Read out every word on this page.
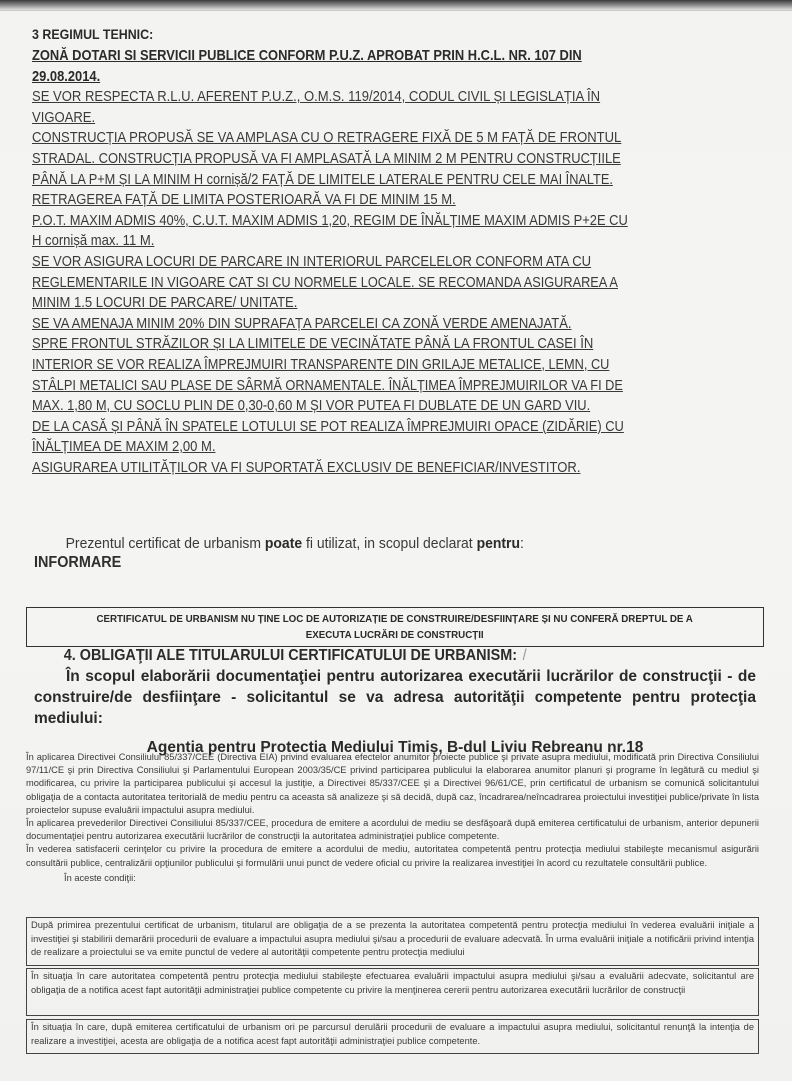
3 REGIMUL TEHNIC:
ZONĂ DOTARI SI SERVICII PUBLICE CONFORM P.U.Z. APROBAT PRIN H.C.L. NR. 107 DIN
29.08.2014.
SE VOR RESPECTA R.L.U. AFERENT P.U.Z., O.M.S. 119/2014, CODUL CIVIL ȘI LEGISLAȚIA ÎN
VIGOARE.
CONSTRUCȚIA PROPUSĂ SE VA AMPLASA CU O RETRAGERE FIXĂ DE 5 M FAȚĂ DE FRONTUL
STRADAL. CONSTRUCȚIA PROPUSĂ VA FI AMPLASATĂ LA MINIM 2 M PENTRU CONSTRUCȚIILE
PÂNĂ LA P+M ȘI LA MINIM H cornișă/2 FAȚĂ DE LIMITELE LATERALE PENTRU CELE MAI ÎNALTE.
RETRAGEREA FAȚĂ DE LIMITA POSTERIOARĂ VA FI DE MINIM 15 M.
P.O.T. MAXIM ADMIS 40%, C.U.T. MAXIM ADMIS 1,20, REGIM DE ÎNĂLȚIME MAXIM ADMIS P+2E CU
H cornișă max. 11 M.
SE VOR ASIGURA LOCURI DE PARCARE IN INTERIORUL PARCELELOR CONFORM ATA CU
REGLEMENTARILE IN VIGOARE CAT SI CU NORMELE LOCALE. SE RECOMANDA ASIGURAREA A
MINIM 1.5 LOCURI DE PARCARE/ UNITATE.
SE VA AMENAJA MINIM 20% DIN SUPRAFAȚA PARCELEI CA ZONĂ VERDE AMENAJATĂ.
SPRE FRONTUL STRĂZILOR ȘI LA LIMITELE DE VECINĂTATE PÂNĂ LA FRONTUL CASEI ÎN
INTERIOR SE VOR REALIZA ÎMPREJMUIRI TRANSPARENTE DIN GRILAJE METALICE, LEMN, CU
STÂLPI METALICI SAU PLASE DE SÂRMĂ ORNAMENTALE. ÎNĂLȚIMEA ÎMPREJMUIRILOR VA FI DE
MAX. 1,80 M, CU SOCLU PLIN DE 0,30-0,60 M ȘI VOR PUTEA FI DUBLATE DE UN GARD VIU.
DE LA CASĂ ȘI PÂNĂ ÎN SPATELE LOTULUI SE POT REALIZA ÎMPREJMUIRI OPACE (ZIDĂRIE) CU
ÎNĂLȚIMEA DE MAXIM 2,00 M.
ASIGURAREA UTILITĂȚILOR VA FI SUPORTATĂ EXCLUSIV DE BENEFICIAR/INVESTITOR.
Prezentul certificat de urbanism poate fi utilizat, in scopul declarat pentru:
INFORMARE
CERTIFICATUL DE URBANISM NU ȚINE LOC DE AUTORIZAȚIE DE CONSTRUIRE/DESFIINȚARE ȘI NU CONFERĂ DREPTUL DE A
EXECUTA LUCRĂRI DE CONSTRUCȚII
4. OBLIGAŢII ALE TITULARULUI CERTIFICATULUI DE URBANISM: /
În scopul elaborării documentaţiei pentru autorizarea executării lucrărilor de construcţii - de construire/de desfiinţare - solicitantul se va adresa autorităţii competente pentru protecţia mediului:
Agentia pentru Protectia Mediului Timiș, B-dul Liviu Rebreanu nr.18

În aplicarea Directivei Consiliului 85/337/CEE (Directiva EIA) privind evaluarea efectelor anumitor proiecte publice şi private asupra mediului, modificată prin Directiva Consiliului 97/11/CE şi prin Directiva Consiliului şi Parlamentului European 2003/35/CE privind participarea publicului la elaborarea anumitor planuri şi programe în legătură cu mediul şi modificarea, cu privire la participarea publicului şi accesul la justiţie, a Directivei 85/337/CEE şi a Directivei 96/61/CE, prin certificatul de urbanism se comunică solicitantului obligaţia de a contacta autoritatea teritorială de mediu pentru ca aceasta să analizeze şi să decidă, după caz, încadrarea/neîncadrarea proiectului investiţiei publice/private în lista proiectelor supuse evaluării impactului asupra mediului.

În aplicarea prevederilor Directivei Consiliului 85/337/CEE, procedura de emitere a acordului de mediu se desfăşoară după emiterea certificatului de urbanism, anterior depunerii documentaţiei pentru autorizarea executării lucrărilor de construcţii la autoritatea administraţiei publice competente.

În vederea satisfacerii cerinţelor cu privire la procedura de emitere a acordului de mediu, autoritatea competentă pentru protecţia mediului stabileşte mecanismul asigurării consultării publice, centralizării opţiunilor publicului şi formulării unui punct de vedere oficial cu privire la realizarea investiţiei în acord cu rezultatele consultării publice.

În aceste condiţii:

După primirea prezentului certificat de urbanism, titularul are obligaţia de a se prezenta la autoritatea competentă pentru protecţia mediului în vederea evaluării iniţiale a investiţiei şi stabilirii demarării procedurii de evaluare a impactului asupra mediului şi/sau a procedurii de evaluare adecvată. În urma evaluării iniţiale a notificării privind intenţia de realizare a proiectului se va emite punctul de vedere al autorităţii competente pentru protecţia mediului
În situaţia în care autoritatea competentă pentru protecţia mediului stabileşte efectuarea evaluării impactului asupra mediului şi/sau a evaluării adecvate, solicitantul are obligaţia de a notifica acest fapt autorităţii administraţiei publice competente cu privire la menţinerea cererii pentru autorizarea executării lucrărilor de construcţii
În situaţia în care, după emiterea certificatului de urbanism ori pe parcursul derulării procedurii de evaluare a impactului asupra mediului, solicitantul renunţă la intenţia de realizare a investiţiei, acesta are obligaţia de a notifica acest fapt autorităţii administraţiei publice competente.
